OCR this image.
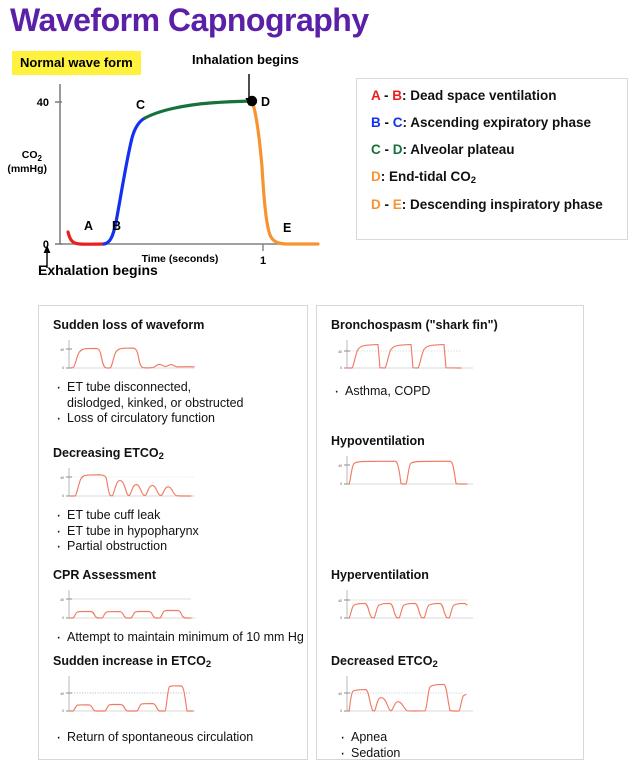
Waveform Capnography
Normal wave form	Inhalation begins
Exhalation begins
40
0
1
$CO_2$
(mmHg)
Time (seconds)
A B
C	D
E
A - B: Dead space ventilation
B - C: Ascending expiratory phase
C - D: Alveolar plateau
D: End-tidal $CO_2$
D - E: Descending inspiratory phase
Sudden loss of waveform
40
0
· ET tube disconnected,
dislodged, kinked, or obstructed
· Loss of circulatory function
Decreasing $ETCO_2$
40
0
· ET tube cuff leak
· ET tube in hypopharynx
· Partial obstruction
CPR Assessment
40
0
· Attempt to maintain minimum of 10 mm Hg
Sudden increase in $ETCO_2$
40
0
· Return of spontaneous circulation
Bronchospasm ("shark fin")
40
0
· Asthma, COPD
Hypoventilation
40
0
Hyperventilation
40
0
Decreased $ETCO_2$
40
0
· Apnea
· Sedation
